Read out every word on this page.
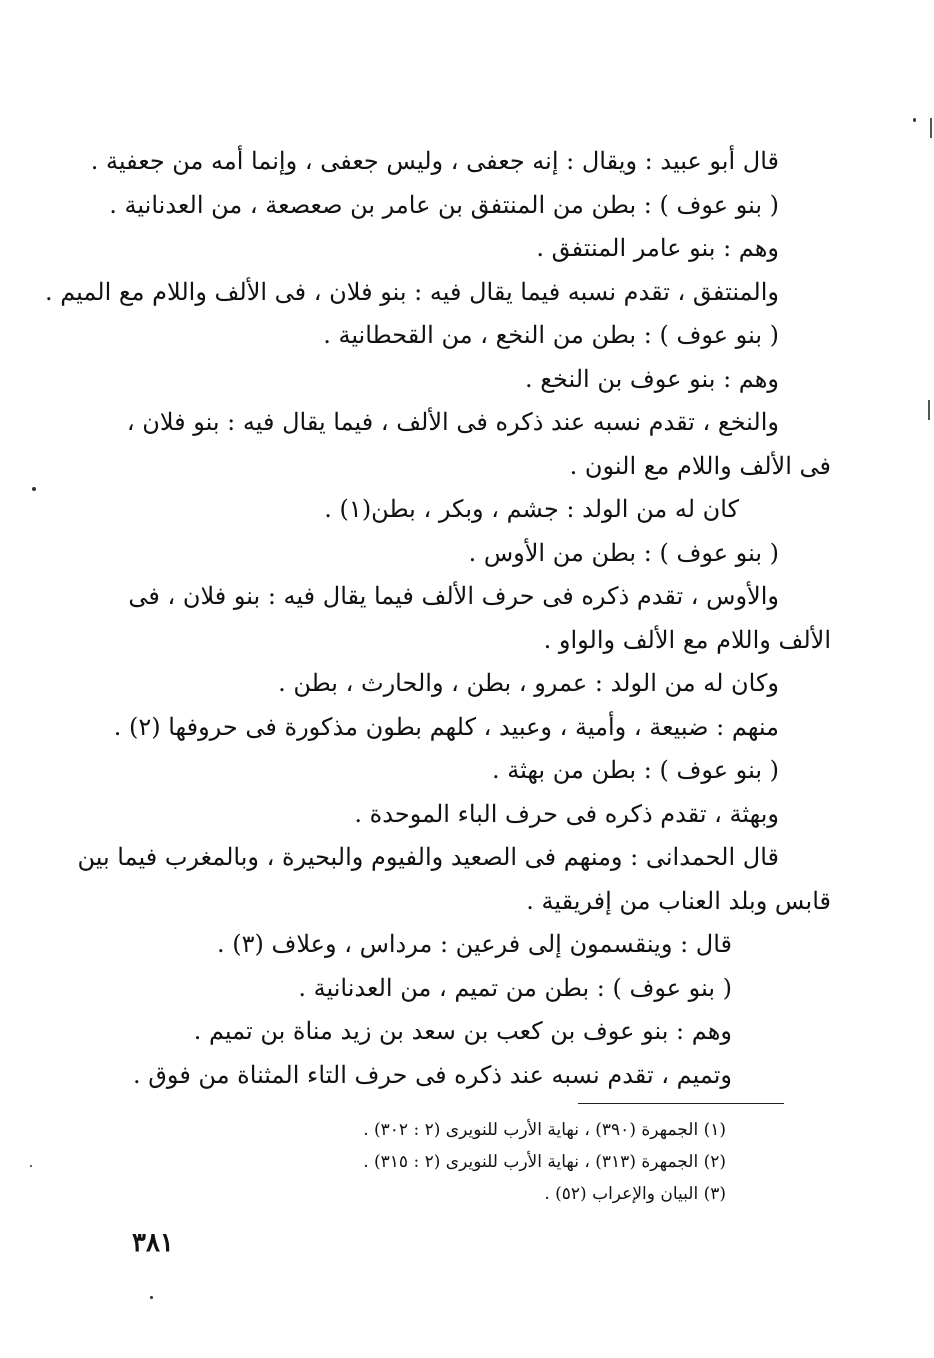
قال أبو عبيد : ويقال : إنه جعفى ، وليس جعفى ، وإنما أمه من جعفية .
( بنو عوف ) : بطن من المنتفق بن عامر بن صعصعة ، من العدنانية .
وهم : بنو عامر المنتفق .
والمنتفق ، تقدم نسبه فيما يقال فيه : بنو فلان ، فى الألف واللام مع الميم .
( بنو عوف ) : بطن من النخع ، من القحطانية .
وهم : بنو عوف بن النخع .
والنخع ، تقدم نسبه عند ذكره فى الألف ، فيما يقال فيه : بنو فلان ،
فى الألف واللام مع النون .
كان له من الولد : جشم ، وبكر ، بطن(١) .
( بنو عوف ) : بطن من الأوس .
والأوس ، تقدم ذكره فى حرف الألف فيما يقال فيه : بنو فلان ، فى
الألف واللام مع الألف والواو .
وكان له من الولد : عمرو ، بطن ، والحارث ، بطن .
منهم : ضبيعة ، وأمية ، وعبيد ، كلهم بطون مذكورة فى حروفها (٢) .
( بنو عوف ) : بطن من بهثة .
وبهثة ، تقدم ذكره فى حرف الباء الموحدة .
قال الحمدانى : ومنهم فى الصعيد والفيوم والبحيرة ، وبالمغرب فيما بين
قابس وبلد العناب من إفريقية .
قال : وينقسمون إلى فرعين : مرداس ، وعلاف (٣) .
( بنو عوف ) : بطن من تميم ، من العدنانية .
وهم : بنو عوف بن كعب بن سعد بن زيد مناة بن تميم .
وتميم ، تقدم نسبه عند ذكره فى حرف التاء المثناة من فوق .
(١) الجمهرة (٣٩٠) ، نهاية الأرب للنويرى (٢ : ٣٠٢) .
(٢) الجمهرة (٣١٣) ، نهاية الأرب للنويرى (٢ : ٣١٥) .
(٣) البيان والإعراب (٥٢) .
٣٨١
